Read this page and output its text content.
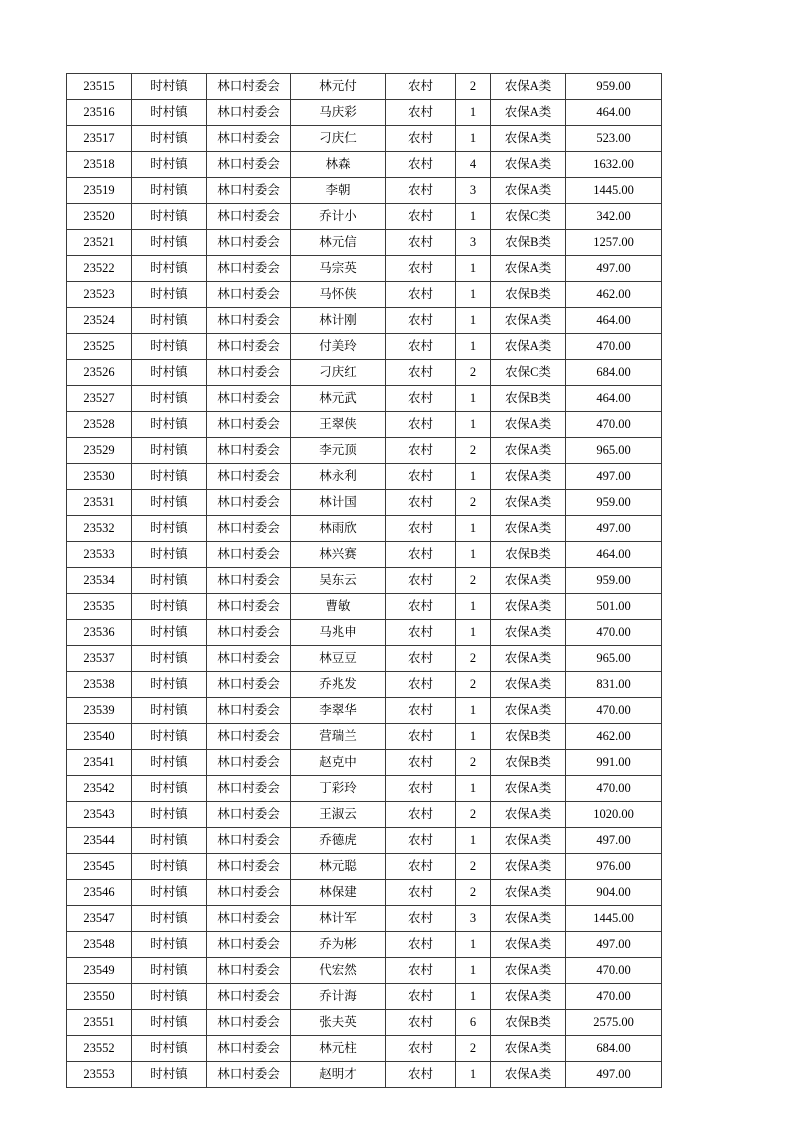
23515	时村镇	林口村委会	林元付	农村	2	农保A类	959.00
23516	时村镇	林口村委会	马庆彩	农村	1	农保A类	464.00
23517	时村镇	林口村委会	刁庆仁	农村	1	农保A类	523.00
23518	时村镇	林口村委会	林森	农村	4	农保A类	1632.00
23519	时村镇	林口村委会	李朝	农村	3	农保A类	1445.00
23520	时村镇	林口村委会	乔计小	农村	1	农保C类	342.00
23521	时村镇	林口村委会	林元信	农村	3	农保B类	1257.00
23522	时村镇	林口村委会	马宗英	农村	1	农保A类	497.00
23523	时村镇	林口村委会	马怀侠	农村	1	农保B类	462.00
23524	时村镇	林口村委会	林计刚	农村	1	农保A类	464.00
23525	时村镇	林口村委会	付美玲	农村	1	农保A类	470.00
23526	时村镇	林口村委会	刁庆红	农村	2	农保C类	684.00
23527	时村镇	林口村委会	林元武	农村	1	农保B类	464.00
23528	时村镇	林口村委会	王翠侠	农村	1	农保A类	470.00
23529	时村镇	林口村委会	李元顶	农村	2	农保A类	965.00
23530	时村镇	林口村委会	林永利	农村	1	农保A类	497.00
23531	时村镇	林口村委会	林计国	农村	2	农保A类	959.00
23532	时村镇	林口村委会	林雨欣	农村	1	农保A类	497.00
23533	时村镇	林口村委会	林兴赛	农村	1	农保B类	464.00
23534	时村镇	林口村委会	吴东云	农村	2	农保A类	959.00
23535	时村镇	林口村委会	曹敏	农村	1	农保A类	501.00
23536	时村镇	林口村委会	马兆申	农村	1	农保A类	470.00
23537	时村镇	林口村委会	林豆豆	农村	2	农保A类	965.00
23538	时村镇	林口村委会	乔兆发	农村	2	农保A类	831.00
23539	时村镇	林口村委会	李翠华	农村	1	农保A类	470.00
23540	时村镇	林口村委会	营瑞兰	农村	1	农保B类	462.00
23541	时村镇	林口村委会	赵克中	农村	2	农保B类	991.00
23542	时村镇	林口村委会	丁彩玲	农村	1	农保A类	470.00
23543	时村镇	林口村委会	王淑云	农村	2	农保A类	1020.00
23544	时村镇	林口村委会	乔德虎	农村	1	农保A类	497.00
23545	时村镇	林口村委会	林元聪	农村	2	农保A类	976.00
23546	时村镇	林口村委会	林保建	农村	2	农保A类	904.00
23547	时村镇	林口村委会	林计军	农村	3	农保A类	1445.00
23548	时村镇	林口村委会	乔为彬	农村	1	农保A类	497.00
23549	时村镇	林口村委会	代宏然	农村	1	农保A类	470.00
23550	时村镇	林口村委会	乔计海	农村	1	农保A类	470.00
23551	时村镇	林口村委会	张夫英	农村	6	农保B类	2575.00
23552	时村镇	林口村委会	林元柱	农村	2	农保A类	684.00
23553	时村镇	林口村委会	赵明才	农村	1	农保A类	497.00
